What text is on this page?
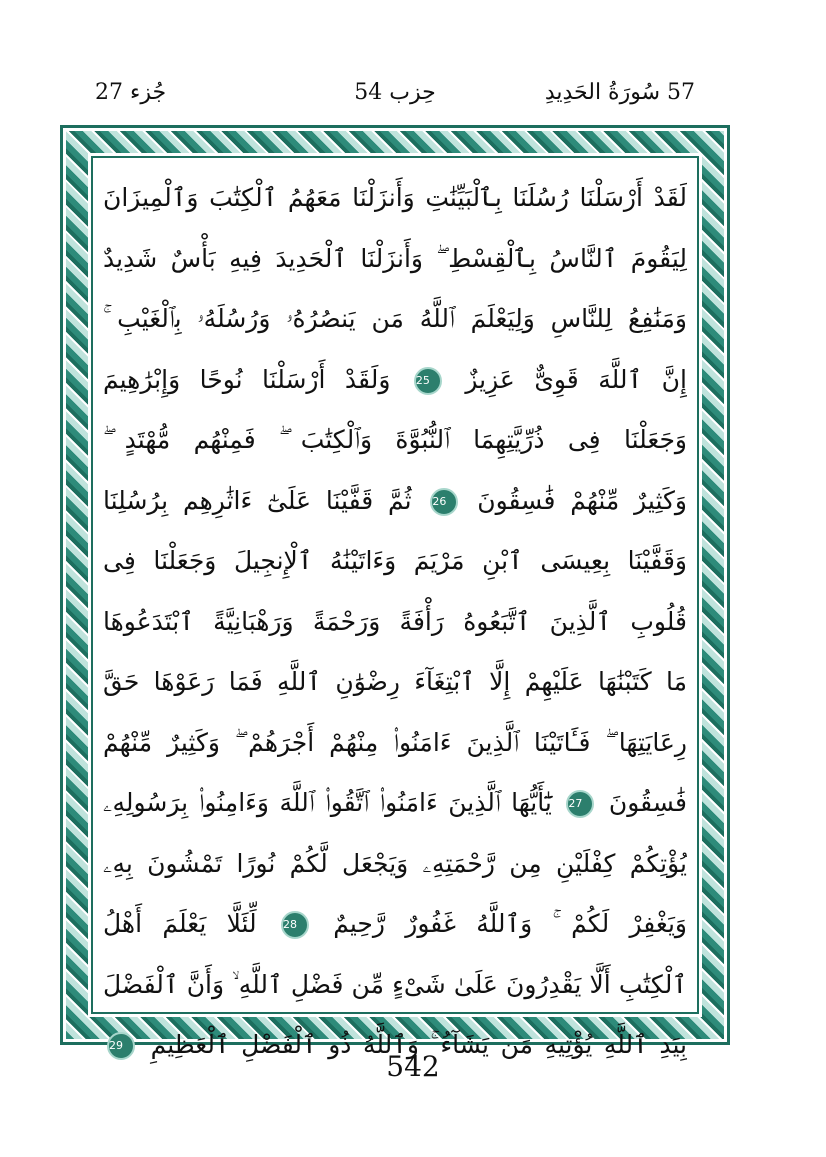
57 سُورَةُ الحَدِيدِ
حِزب 54
جُزء 27
لَقَدْ أَرْسَلْنَا رُسُلَنَا بِٱلْبَيِّنَٰتِ وَأَنزَلْنَا مَعَهُمُ ٱلْكِتَٰبَ وَٱلْمِيزَانَ
لِيَقُومَ ٱلنَّاسُ بِٱلْقِسْطِ ۖ وَأَنزَلْنَا ٱلْحَدِيدَ فِيهِ بَأْسٌ شَدِيدٌ
وَمَنَٰفِعُ لِلنَّاسِ وَلِيَعْلَمَ ٱللَّهُ مَن يَنصُرُهُۥ وَرُسُلَهُۥ بِٱلْغَيْبِ ۚ
إِنَّ ٱللَّهَ قَوِىٌّ عَزِيزٌ 25 وَلَقَدْ أَرْسَلْنَا نُوحًا وَإِبْرَٰهِيمَ
وَجَعَلْنَا فِى ذُرِّيَّتِهِمَا ٱلنُّبُوَّةَ وَٱلْكِتَٰبَ ۖ فَمِنْهُم مُّهْتَدٍ ۖ
وَكَثِيرٌ مِّنْهُمْ فَٰسِقُونَ 26 ثُمَّ قَفَّيْنَا عَلَىٰٓ ءَاثَٰرِهِم بِرُسُلِنَا
وَقَفَّيْنَا بِعِيسَى ٱبْنِ مَرْيَمَ وَءَاتَيْنَٰهُ ٱلْإِنجِيلَ وَجَعَلْنَا فِى
قُلُوبِ ٱلَّذِينَ ٱتَّبَعُوهُ رَأْفَةً وَرَحْمَةً وَرَهْبَانِيَّةً ٱبْتَدَعُوهَا
مَا كَتَبْنَٰهَا عَلَيْهِمْ إِلَّا ٱبْتِغَآءَ رِضْوَٰنِ ٱللَّهِ فَمَا رَعَوْهَا حَقَّ
رِعَايَتِهَا ۖ فَـَٔاتَيْنَا ٱلَّذِينَ ءَامَنُوا۟ مِنْهُمْ أَجْرَهُمْ ۖ وَكَثِيرٌ مِّنْهُمْ
فَٰسِقُونَ 27 يَٰٓأَيُّهَا ٱلَّذِينَ ءَامَنُوا۟ ٱتَّقُوا۟ ٱللَّهَ وَءَامِنُوا۟ بِرَسُولِهِۦ
يُؤْتِكُمْ كِفْلَيْنِ مِن رَّحْمَتِهِۦ وَيَجْعَل لَّكُمْ نُورًا تَمْشُونَ بِهِۦ
وَيَغْفِرْ لَكُمْ ۚ وَٱللَّهُ غَفُورٌ رَّحِيمٌ 28 لِّئَلَّا يَعْلَمَ أَهْلُ
ٱلْكِتَٰبِ أَلَّا يَقْدِرُونَ عَلَىٰ شَىْءٍ مِّن فَضْلِ ٱللَّهِ ۙ وَأَنَّ ٱلْفَضْلَ
بِيَدِ ٱللَّهِ يُؤْتِيهِ مَن يَشَآءُ ۚ وَٱللَّهُ ذُو ٱلْفَضْلِ ٱلْعَظِيمِ 29
542
